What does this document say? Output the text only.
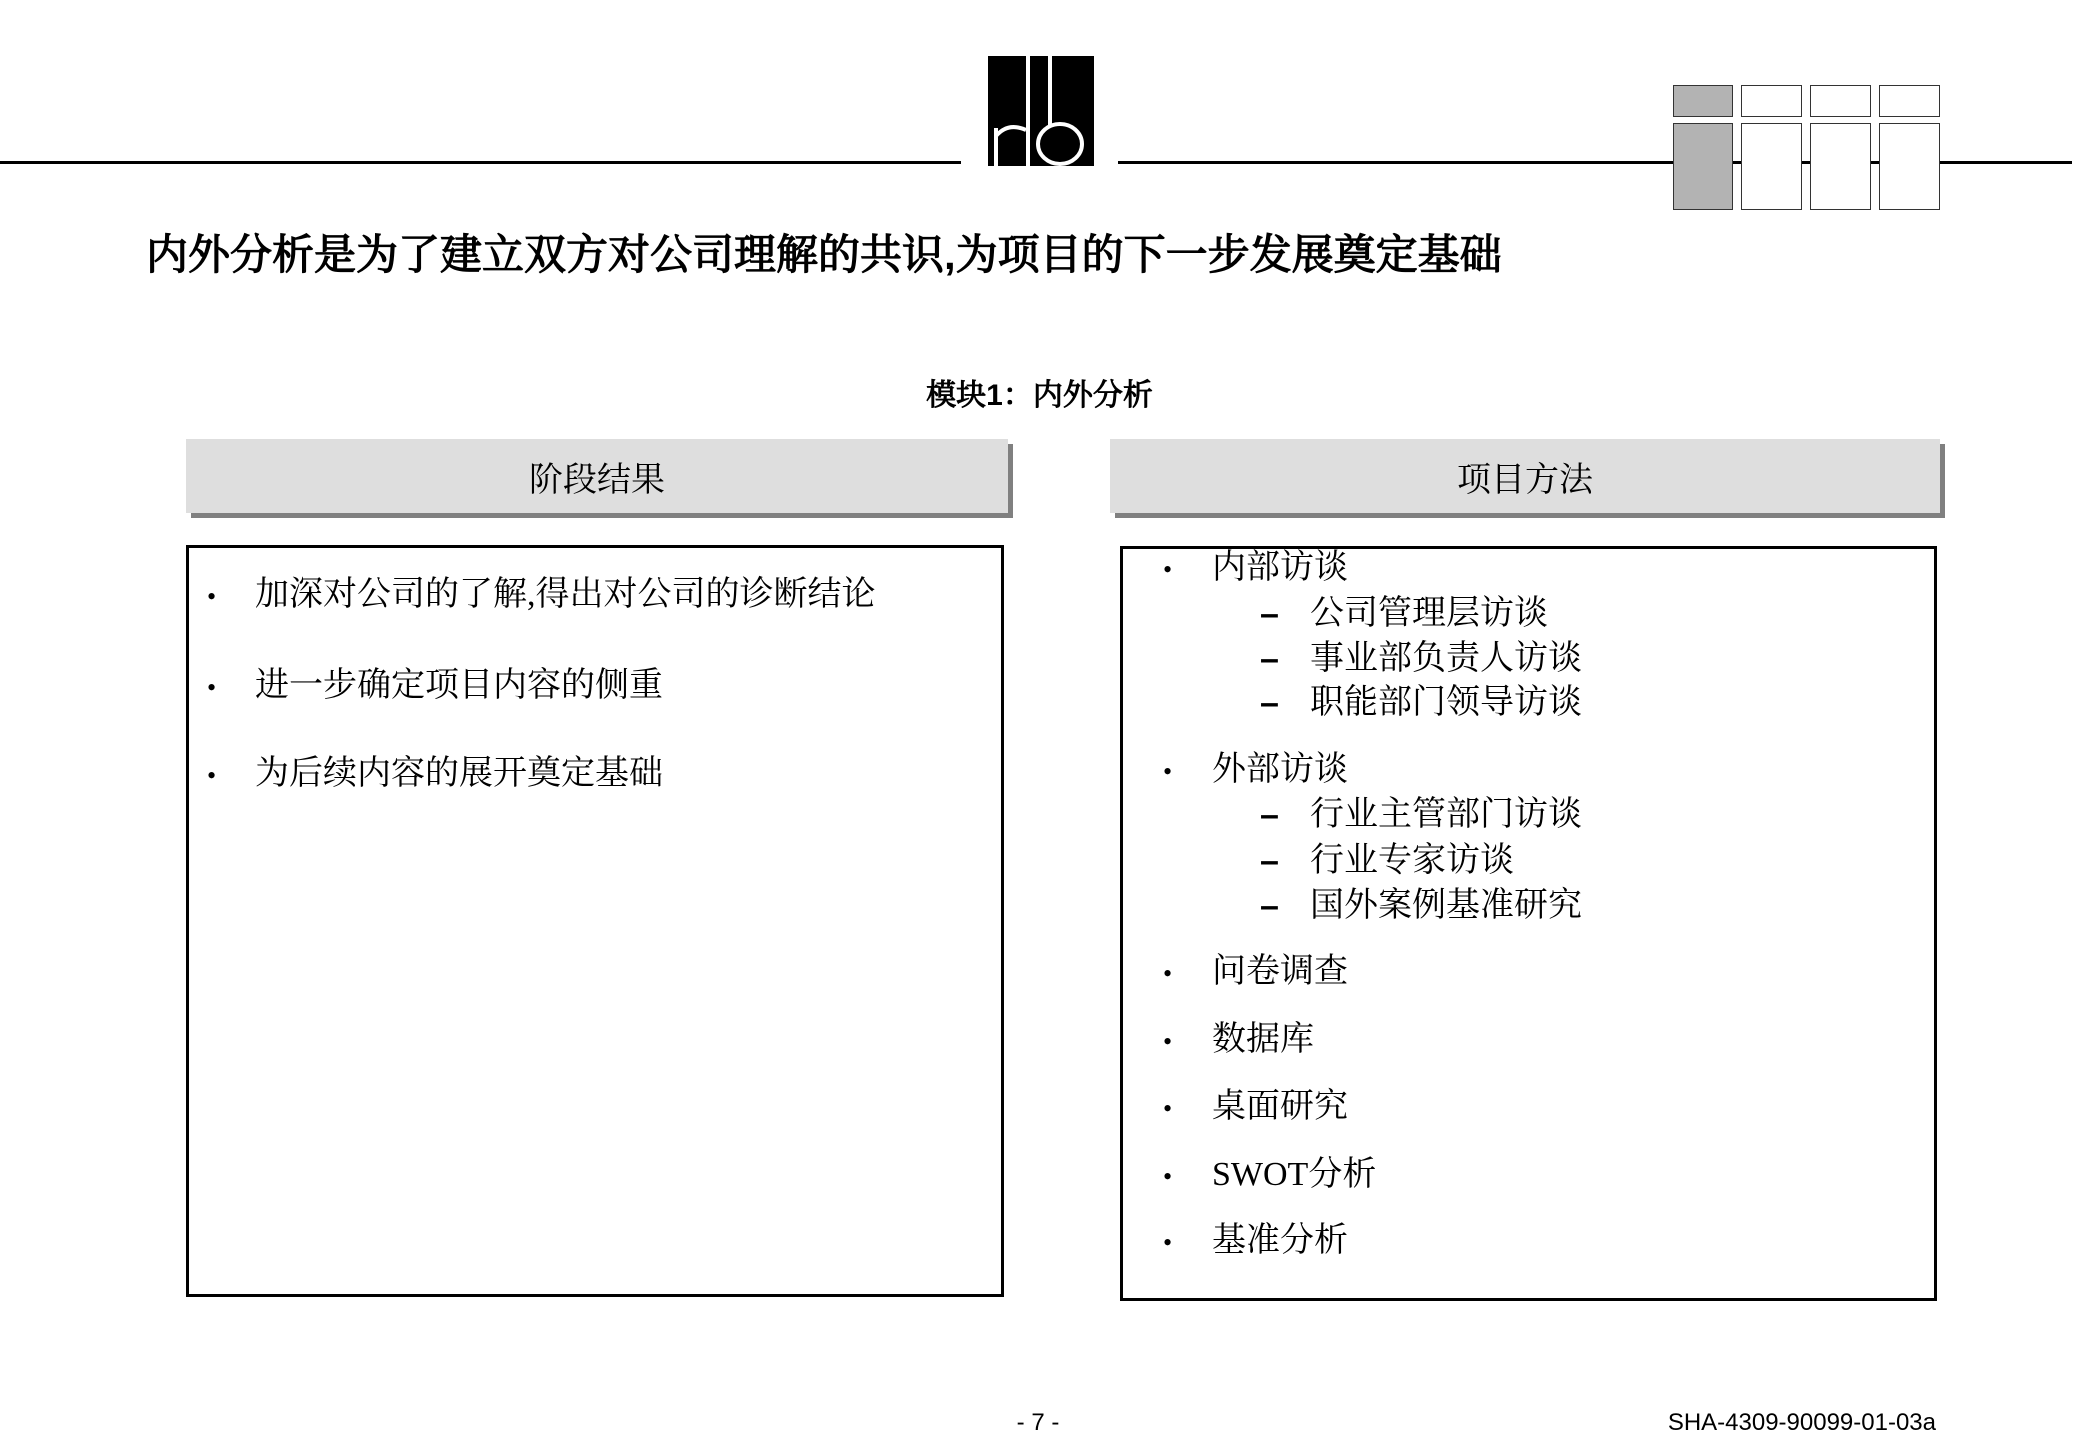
内外分析是为了建立双方对公司理解的共识,为项目的下一步发展奠定基础
模块1：内外分析
阶段结果	项目方法
• 加深对公司的了解,得出对公司的诊断结论
• 进一步确定项目内容的侧重
• 为后续内容的展开奠定基础
• 内部访谈
– 公司管理层访谈
– 事业部负责人访谈
– 职能部门领导访谈
• 外部访谈
– 行业主管部门访谈
– 行业专家访谈
– 国外案例基准研究
• 问卷调查
• 数据库
• 桌面研究
• SWOT分析
• 基准分析
- 7 -	SHA-4309-90099-01-03a
